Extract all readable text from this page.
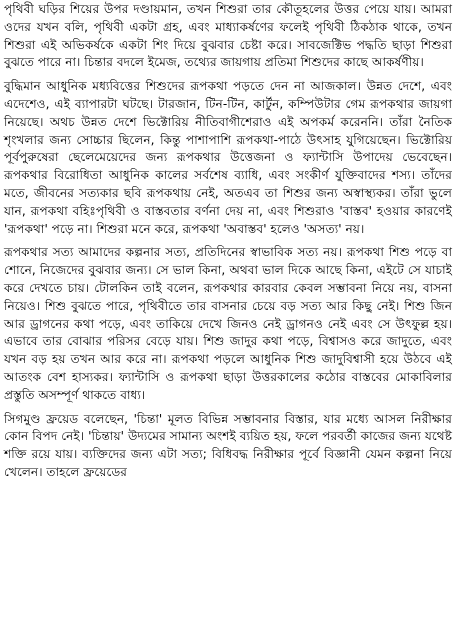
পৃথিবী ঘড়ির শিয়ের উপর দণ্ডায়মান, তখন শিশুরা তার কৌতূহলের উত্তর পেয়ে যায়। আমরা ওদের যখন বলি, পৃথিবী একটা গ্রহ, এবং মাধ্যাকর্ষণের ফলেই পৃথিবী ঠিকঠাক থাকে, তখন শিশুরা এই অভিকর্ষকে একটা শিং দিয়ে বুঝবার চেষ্টা করে। সাবজেক্টিভ পদ্ধতি ছাড়া শিশুরা বুঝতে পারে না। চিন্তার বদলে ইমেজ, তথ্যের জায়গায় প্রতিমা শিশুদের কাছে আকর্ষণীয়।

বুদ্ধিমান আধুনিক মধ্যবিত্তের শিশুদের রূপকথা পড়তে দেন না আজকাল। উন্নত দেশে, এবং এদেশেও, এই ব্যাপারটা ঘটছে। টারজান, টিন-টিন, কার্টুন, কম্পিউটার গেম রূপকথার জায়গা নিয়েছে। অথচ উন্নত দেশে ভিক্টোরিয় নীতিবাগীশেরাও এই অপকর্ম করেননি। তাঁরা নৈতিক শৃংখলার জন্য সোচ্চার ছিলেন, কিন্তু পাশাপাশি রূপকথা-পাঠে উৎসাহ যুগিয়েছেন। ভিক্টোরিয় পূর্বপুরুষেরা ছেলেমেয়েদের জন্য রূপকথার উত্তেজনা ও ফ্যান্টাসি উপাদেয় ভেবেছেন। রূপকথার বিরোধিতা আধুনিক কালের সর্বশেষ ব্যাধি, এবং সংকীর্ণ যুক্তিবাদের শস্য। তাঁদের মতে, জীবনের সত্যকার ছবি রূপকথায় নেই, অতএব তা শিশুর জন্য অস্বাস্থ্যকর। তাঁরা ভুলে যান, রূপকথা বহিঃপৃথিবী ও বাস্তবতার বর্ণনা দেয় না, এবং শিশুরাও 'বাস্তব' হওয়ার কারণেই 'রূপকথা' পড়ে না। শিশুরা মনে করে, রূপকথা 'অবাস্তব' হলেও 'অসত্য' নয়।

রূপকথার সত্য আমাদের কল্পনার সত্য, প্রতিদিনের স্বাভাবিক সত্য নয়। রূপকথা শিশু পড়ে বা শোনে, নিজেদের বুঝবার জন্য। সে ভাল কিনা, অথবা ভাল দিকে আছে কিনা, এইটে সে যাচাই করে দেখতে চায়। টোলকিন তাই বলেন, রূপকথার কারবার কেবল সম্ভাবনা নিয়ে নয়, বাসনা নিয়েও। শিশু বুঝতে পারে, পৃথিবীতে তার বাসনার চেয়ে বড় সত্য আর কিছু নেই। শিশু জিন আর ড্রাগনের কথা পড়ে, এবং তাকিয়ে দেখে জিনও নেই ড্রাগনও নেই এবং সে উৎফুল্ল হয়। এভাবে তার বোঝার পরিসর বেড়ে যায়। শিশু জাদুর কথা পড়ে, বিশ্বাসও করে জাদুতে, এবং যখন বড় হয় তখন আর করে না। রূপকথা পড়লে আধুনিক শিশু জাদুবিশ্বাসী হয়ে উঠবে এই আতংক বেশ হাস্যকর। ফ্যান্টাসি ও রূপকথা ছাড়া উত্তরকালের কঠোর বাস্তবের মোকাবিলার প্রস্তুতি অসম্পূর্ণ থাকতে বাধ্য।

সিগমুণ্ড ফ্রয়েড বলেছেন, 'চিন্তা' মূলত বিভিন্ন সম্ভাবনার বিস্তার, যার মধ্যে আসল নিরীক্ষার কোন বিপদ নেই। 'চিন্তায়' উদ্যমের সামান্য অংশই ব্যয়িত হয়, ফলে পরবর্তী কাজের জন্য যথেষ্ট শক্তি রয়ে যায়। ব্যক্তিদের জন্য এটা সত্য; বিধিবদ্ধ নিরীক্ষার পূর্বে বিজ্ঞানী যেমন কল্পনা নিয়ে খেলেন। তাহলে ফ্রয়েডের
